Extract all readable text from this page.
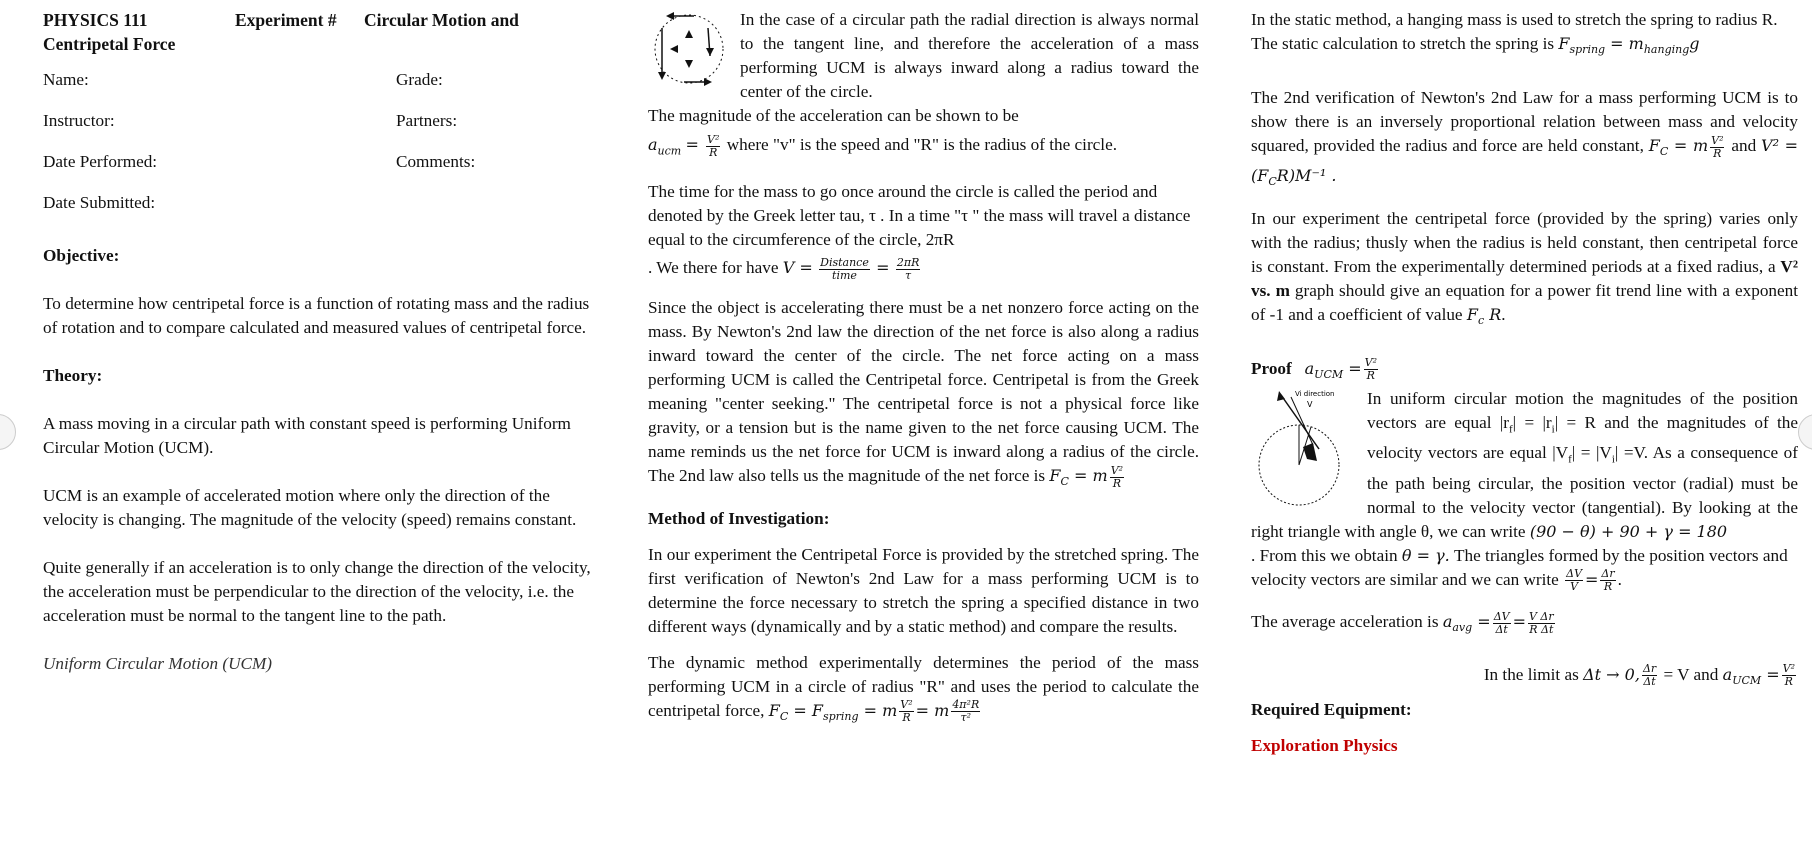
PHYSICS 111	Experiment #	Circular Motion and
Centripetal Force
Name:	Grade:
Instructor:	Partners:
Date Performed:	Comments:
Date Submitted:

Objective:

To determine how centripetal force is a function of rotating mass and the radius of rotation and to compare calculated and measured values of centripetal force.

Theory:

A mass moving in a circular path with constant speed is performing Uniform Circular Motion (UCM).

UCM is an example of accelerated motion where only the direction of the velocity is changing. The magnitude of the velocity (speed) remains constant.

Quite generally if an acceleration is to only change the direction of the velocity, the acceleration must be perpendicular to the direction of the velocity, i.e. the acceleration must be normal to the tangent line to the path.

Uniform Circular Motion (UCM)

In the case of a circular path the radial direction is always normal to the tangent line, and therefore the acceleration of a mass performing UCM is always inward along a radius toward the center of the circle.

The magnitude of the acceleration can be shown to be

$a_{ucm} = \frac{\text{V²}}{R}$ where "v" is the speed and "R" is the radius of the circle.

The time for the mass to go once around the circle is called the period and denoted by the Greek letter tau, τ . In a time "τ " the mass will travel a distance equal to the circumference of the circle, 2πR

. We there for have $V = \frac{\text{Distance}}{\text{time}} = \frac{2\pi R}{\tau}$

Since the object is accelerating there must be a net nonzero force acting on the mass. By Newton's 2nd law the direction of the net force is also along a radius inward toward the center of the circle. The net force acting on a mass performing UCM is called the Centripetal force. Centripetal is from the Greek meaning "center seeking." The centripetal force is not a physical force like gravity, or a tension but is the name given to the net force causing UCM. The name reminds us the net force for UCM is inward along a radius of the circle. The 2nd law also tells us the magnitude of the net force is $F_C = m \frac{\text{V²}}{R}$

Method of Investigation:

In our experiment the Centripetal Force is provided by the stretched spring. The first verification of Newton's 2nd Law for a mass performing UCM is to determine the force necessary to stretch the spring a specified distance in two different ways (dynamically and by a static method) and compare the results.

The dynamic method experimentally determines the period of the mass performing UCM in a circle of radius "R" and uses the period to calculate the centripetal force, $F_C = F_{spring} = m \frac{\text{V²}}{R} = m \frac{\text{4π²R}}{\text{τ²}}$

In the static method, a hanging mass is used to stretch the spring to radius R.

The static calculation to stretch the spring is $F_{spring} = m_{hanging}g$

The 2nd verification of Newton's 2nd Law for a mass performing UCM is to show there is an inversely proportional relation between mass and velocity squared, provided the radius and force are held constant, $F_C = m \frac{\text{V²}}{R}$ and $V^2 = (F_CR)M^{-1}$ .

In our experiment the centripetal force (provided by the spring) varies only with the radius; thusly when the radius is held constant, then centripetal force is constant. From the experimentally determined periods at a fixed radius, a V² vs. m graph should give an equation for a power fit trend line with a exponent of -1 and a coefficient of value $F_c$ R.

Proof $a_{UCM} = \frac{\text{V²}}{R}$

Vi direction
V	In uniform circular motion the magnitudes of the position vectors are equal $|r_f| = |r_i| = R$ and the magnitudes of the velocity vectors are equal $|V_f| = |V_i| =V$. As a consequence of the path being circular, the position vector (radial) must be normal to the velocity vector (tangential). By looking at the right triangle with angle θ, we can write (90 − θ) + 90 + γ = 180

. From this we obtain θ = γ. The triangles formed by the position vectors and velocity vectors are similar and we can write $\frac{\Delta V}{V} = \frac{\Delta r}{R}$ .

The average acceleration is $a_{avg} = \frac{\Delta V}{\Delta t} = \frac{\text{V Δr}}{\text{R Δt}}$

In the limit as Δt → 0, $\frac{\Delta r}{\Delta t} = V$ and $a_{UCM} = \frac{\text{V²}}{R}$

Required Equipment:

Exploration Physics
